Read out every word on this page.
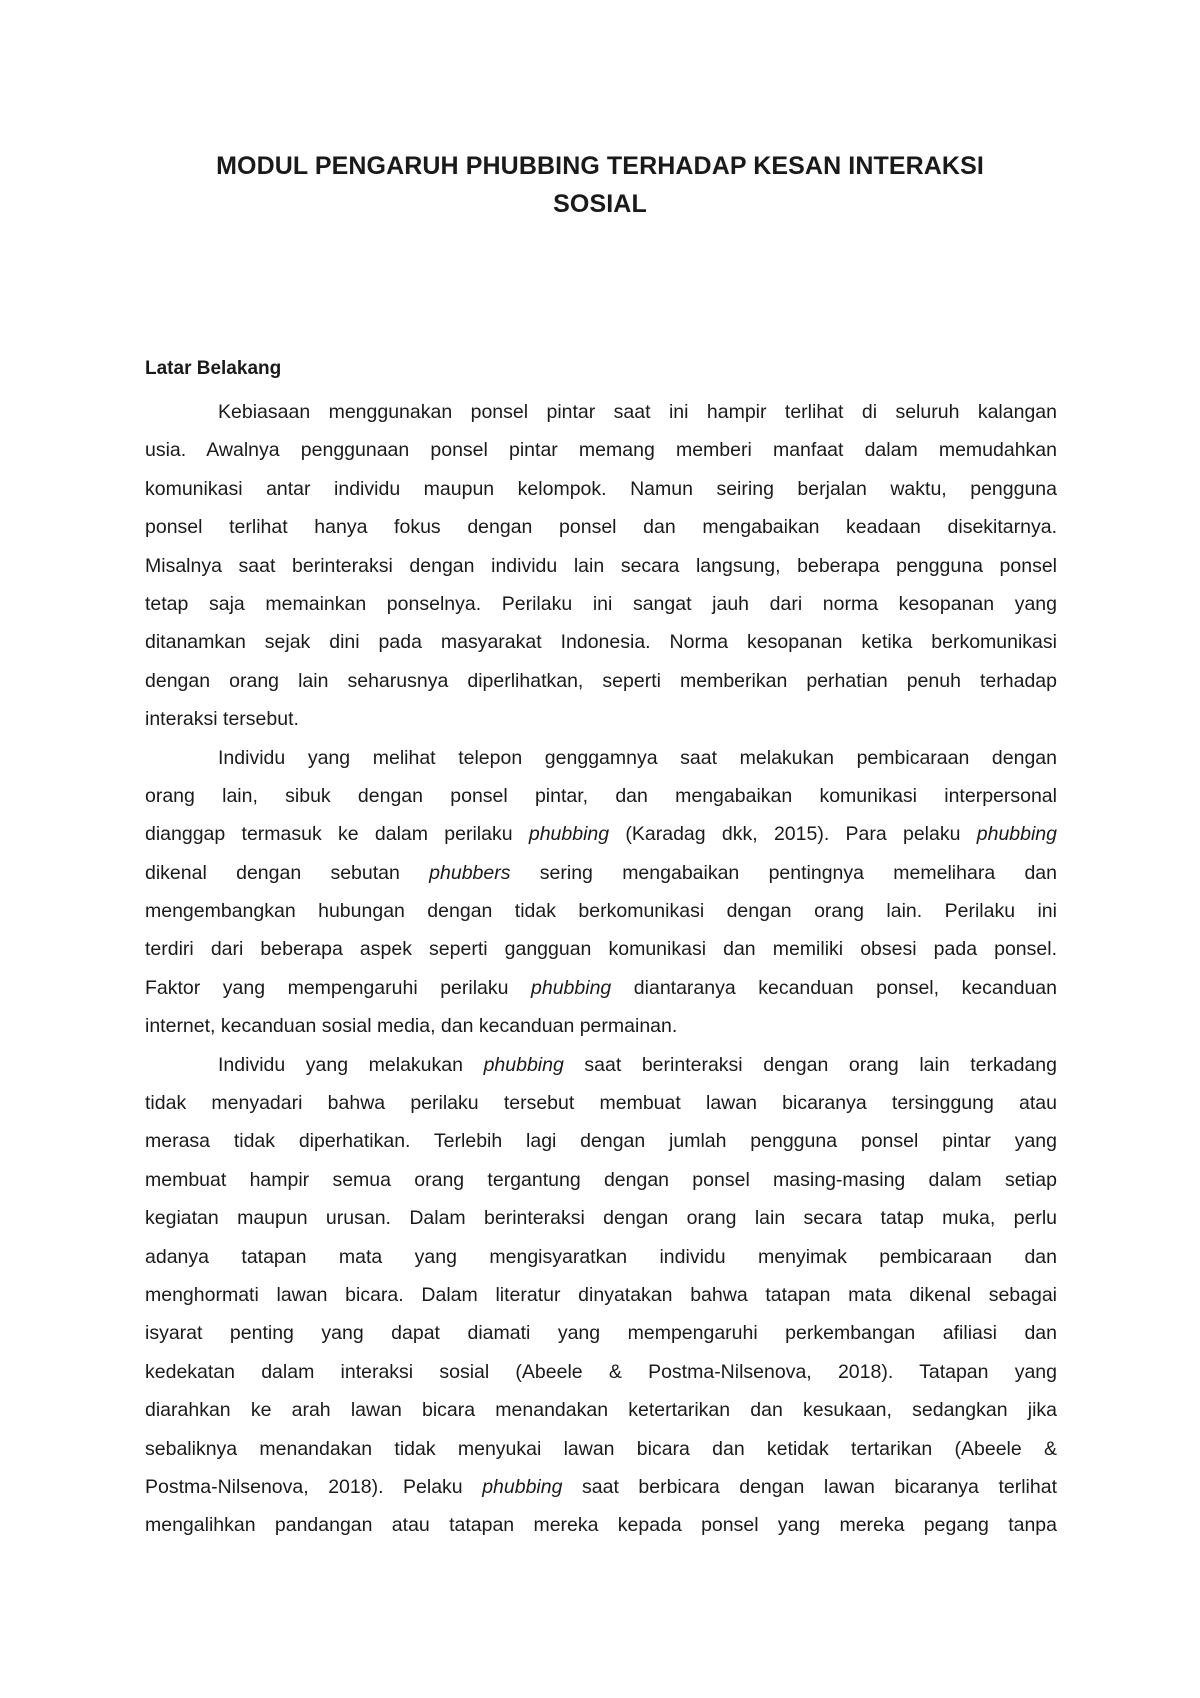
MODUL PENGARUH PHUBBING TERHADAP KESAN INTERAKSI
SOSIAL
Latar Belakang
Kebiasaan menggunakan ponsel pintar saat ini hampir terlihat di seluruh kalangan
usia. Awalnya penggunaan ponsel pintar memang memberi manfaat dalam memudahkan
komunikasi antar individu maupun kelompok. Namun seiring berjalan waktu, pengguna
ponsel terlihat hanya fokus dengan ponsel dan mengabaikan keadaan disekitarnya.
Misalnya saat berinteraksi dengan individu lain secara langsung, beberapa pengguna ponsel
tetap saja memainkan ponselnya. Perilaku ini sangat jauh dari norma kesopanan yang
ditanamkan sejak dini pada masyarakat Indonesia. Norma kesopanan ketika berkomunikasi
dengan orang lain seharusnya diperlihatkan, seperti memberikan perhatian penuh terhadap
interaksi tersebut.
Individu yang melihat telepon genggamnya saat melakukan pembicaraan dengan
orang lain, sibuk dengan ponsel pintar, dan mengabaikan komunikasi interpersonal
dianggap termasuk ke dalam perilaku phubbing (Karadag dkk, 2015). Para pelaku phubbing
dikenal dengan sebutan phubbers sering mengabaikan pentingnya memelihara dan
mengembangkan hubungan dengan tidak berkomunikasi dengan orang lain. Perilaku ini
terdiri dari beberapa aspek seperti gangguan komunikasi dan memiliki obsesi pada ponsel.
Faktor yang mempengaruhi perilaku phubbing diantaranya kecanduan ponsel, kecanduan
internet, kecanduan sosial media, dan kecanduan permainan.
Individu yang melakukan phubbing saat berinteraksi dengan orang lain terkadang
tidak menyadari bahwa perilaku tersebut membuat lawan bicaranya tersinggung atau
merasa tidak diperhatikan. Terlebih lagi dengan jumlah pengguna ponsel pintar yang
membuat hampir semua orang tergantung dengan ponsel masing-masing dalam setiap
kegiatan maupun urusan. Dalam berinteraksi dengan orang lain secara tatap muka, perlu
adanya tatapan mata yang mengisyaratkan individu menyimak pembicaraan dan
menghormati lawan bicara. Dalam literatur dinyatakan bahwa tatapan mata dikenal sebagai
isyarat penting yang dapat diamati yang mempengaruhi perkembangan afiliasi dan
kedekatan dalam interaksi sosial (Abeele & Postma-Nilsenova, 2018). Tatapan yang
diarahkan ke arah lawan bicara menandakan ketertarikan dan kesukaan, sedangkan jika
sebaliknya menandakan tidak menyukai lawan bicara dan ketidak tertarikan (Abeele &
Postma-Nilsenova, 2018). Pelaku phubbing saat berbicara dengan lawan bicaranya terlihat
mengalihkan pandangan atau tatapan mereka kepada ponsel yang mereka pegang tanpa
